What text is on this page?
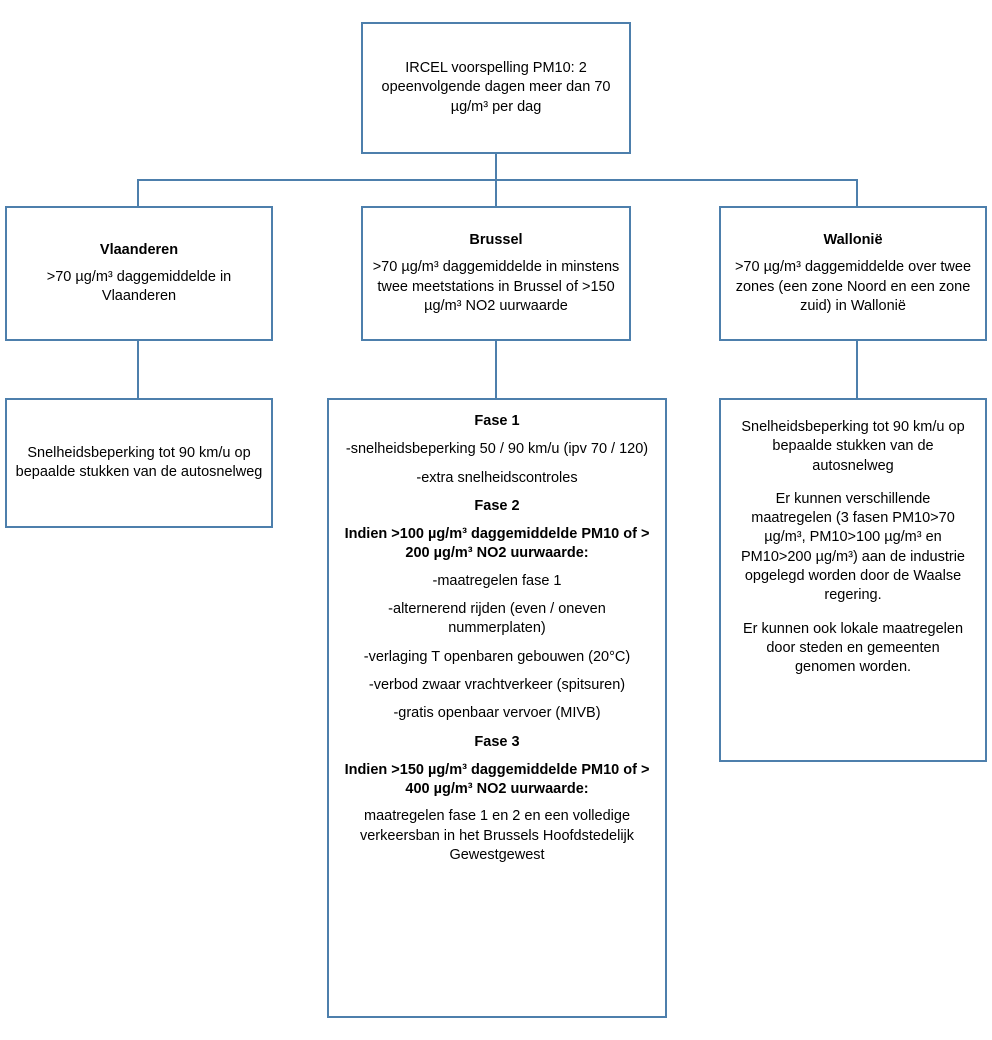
IRCEL voorspelling PM10: 2 opeenvolgende dagen meer dan 70 µg/m³ per dag

Vlaanderen

>70 µg/m³ daggemiddelde in Vlaanderen

Brussel

>70 µg/m³ daggemiddelde in minstens twee meetstations in Brussel of >150 µg/m³ NO2 uurwaarde

Wallonië

>70 µg/m³ daggemiddelde over twee zones (een zone Noord en een zone zuid) in Wallonië

Snelheidsbeperking tot 90 km/u op bepaalde stukken van de autosnelweg

Fase 1

-snelheidsbeperking 50 / 90 km/u (ipv 70 / 120)

-extra snelheidscontroles

Fase 2

Indien >100 µg/m³ daggemiddelde PM10 of > 200 µg/m³ NO2 uurwaarde:

-maatregelen fase 1

-alternerend rijden (even / oneven nummerplaten)

-verlaging T openbaren gebouwen (20°C)

-verbod zwaar vrachtverkeer (spitsuren)

-gratis openbaar vervoer (MIVB)

Fase 3

Indien >150 µg/m³ daggemiddelde PM10 of > 400 µg/m³ NO2 uurwaarde:

maatregelen fase 1 en 2 en een volledige verkeersban in het Brussels Hoofdstedelijk Gewestgewest

Snelheidsbeperking tot 90 km/u op bepaalde stukken van de autosnelweg

Er kunnen verschillende maatregelen (3 fasen PM10>70 µg/m³, PM10>100 µg/m³ en PM10>200 µg/m³) aan de industrie opgelegd worden door de Waalse regering.

Er kunnen ook lokale maatregelen door steden en gemeenten genomen worden.
